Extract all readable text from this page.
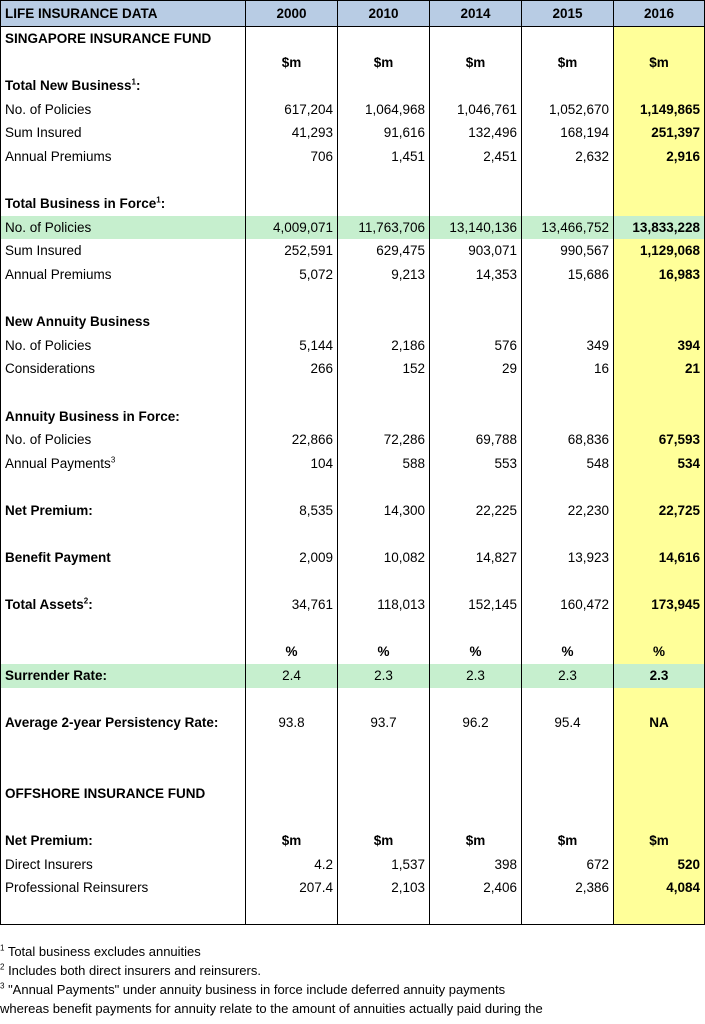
LIFE INSURANCE DATA	2000	2010	2014	2015	2016
SINGAPORE INSURANCE FUND					
	$m	$m	$m	$m	$m
Total New Business$^1$:					
No. of Policies	617,204	1,064,968	1,046,761	1,052,670	1,149,865
Sum Insured	41,293	91,616	132,496	168,194	251,397
Annual Premiums	706	1,451	2,451	2,632	2,916

Total Business in Force$^1$:					
No. of Policies	4,009,071	11,763,706	13,140,136	13,466,752	13,833,228
Sum Insured	252,591	629,475	903,071	990,567	1,129,068
Annual Premiums	5,072	9,213	14,353	15,686	16,983

New Annuity Business					
No. of Policies	5,144	2,186	576	349	394
Considerations	266	152	29	16	21

Annuity Business in Force:					
No. of Policies	22,866	72,286	69,788	68,836	67,593
Annual Payments$^3$	104	588	553	548	534

Net Premium:	8,535	14,300	22,225	22,230	22,725

Benefit Payment	2,009	10,082	14,827	13,923	14,616

Total Assets$^2$:	34,761	118,013	152,145	160,472	173,945

	%	%	%	%	%
Surrender Rate:	2.4	2.3	2.3	2.3	2.3

Average 2-year Persistency Rate:	93.8	93.7	96.2	95.4	NA

OFFSHORE INSURANCE FUND					

Net Premium:	$m	$m	$m	$m	$m
Direct Insurers	4.2	1,537	398	672	520
Professional Reinsurers	207.4	2,103	2,406	2,386	4,084

$^1$ Total business excludes annuities
$^2$ Includes both direct insurers and reinsurers.
$^3$ "Annual Payments" under annuity business in force include deferred annuity payments
whereas benefit payments for annuity relate to the amount of annuities actually paid during the
